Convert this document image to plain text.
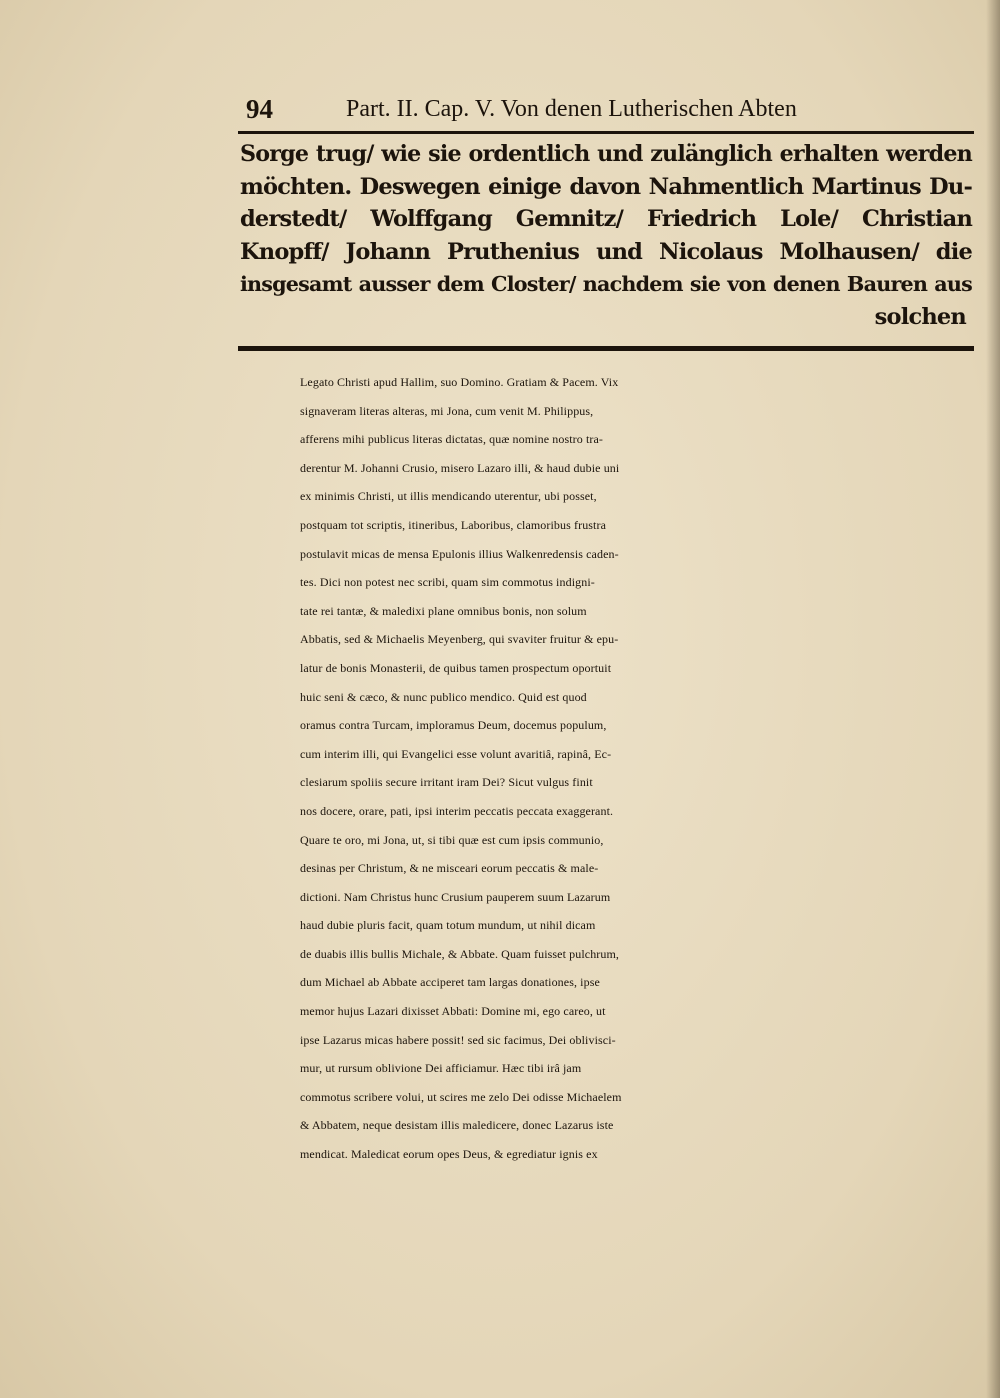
94	Part. II. Cap. V. Von denen Lutherischen Abten
Sorge trug/ wie sie ordentlich und zulänglich erhalten werden
möchten. Deswegen einige davon Nahmentlich Martinus Du-
derstedt/ Wolffgang Gemnitz/ Friedrich Lole/ Christian
Knopff/ Johann Pruthenius und Nicolaus Molhausen/ die
insgesamt ausser dem Closter/ nachdem sie von denen Bauren aus
solchen
Legato Christi apud Hallim, suo Domino. Gratiam & Pacem. Vix
signaveram literas alteras, mi Jona, cum venit M. Philippus,
afferens mihi publicus literas dictatas, quæ nomine nostro tra-
derentur M. Johanni Crusio, misero Lazaro illi, & haud dubie uni
ex minimis Christi, ut illis mendicando uterentur, ubi posset,
postquam tot scriptis, itineribus, Laboribus, clamoribus frustra
postulavit micas de mensa Epulonis illius Walkenredensis caden-
tes. Dici non potest nec scribi, quam sim commotus indigni-
tate rei tantæ, & maledixi plane omnibus bonis, non solum
Abbatis, sed & Michaelis Meyenberg, qui svaviter fruitur & epu-
latur de bonis Monasterii, de quibus tamen prospectum oportuit
huic seni & cæco, & nunc publico mendico. Quid est quod
oramus contra Turcam, imploramus Deum, docemus populum,
cum interim illi, qui Evangelici esse volunt avaritiâ, rapinâ, Ec-
clesiarum spoliis secure irritant iram Dei? Sicut vulgus finit
nos docere, orare, pati, ipsi interim peccatis peccata exaggerant.
Quare te oro, mi Jona, ut, si tibi quæ est cum ipsis communio,
desinas per Christum, & ne misceari eorum peccatis & male-
dictioni. Nam Christus hunc Crusium pauperem suum Lazarum
haud dubie pluris facit, quam totum mundum, ut nihil dicam
de duabis illis bullis Michale, & Abbate. Quam fuisset pulchrum,
dum Michael ab Abbate acciperet tam largas donationes, ipse
memor hujus Lazari dixisset Abbati: Domine mi, ego careo, ut
ipse Lazarus micas habere possit! sed sic facimus, Dei oblivisci-
mur, ut rursum oblivione Dei afficiamur. Hæc tibi irâ jam
commotus scribere volui, ut scires me zelo Dei odisse Michaelem
& Abbatem, neque desistam illis maledicere, donec Lazarus iste
mendicat. Maledicat eorum opes Deus, & egrediatur ignis ex
